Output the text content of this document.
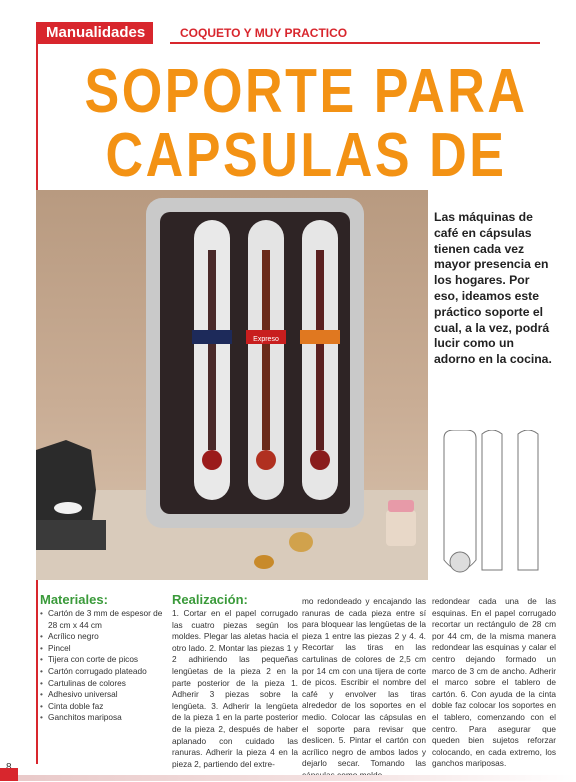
Manualidades	COQUETO Y MUY PRACTICO
SOPORTE PARA
CAPSULAS DE
Expreso
Las máquinas de café en cápsulas tienen cada vez mayor presencia en los hogares. Por eso, ideamos este práctico soporte el cual, a la vez, podrá lucir como un adorno en la cocina.
Materiales:
• Cartón de 3 mm de espesor de 28 cm x 44 cm
• Acrílico negro
• Pincel
• Tijera con corte de picos
• Cartón corrugado plateado
• Cartulinas de colores
• Adhesivo universal
• Cinta doble faz
• Ganchitos mariposa
Realización:
1. Cortar en el papel corrugado las cuatro piezas según los moldes. Plegar las aletas hacia el otro lado. 2. Montar las piezas 1 y 2 adhiriendo las pequeñas lengüetas de la pieza 2 en la parte posterior de la pieza 1. Adherir 3 piezas sobre la lengüeta. 3. Adherir la lengüeta de la pieza 1 en la parte posterior de la pieza 2, después de haber aplanado con cuidado las ranuras. Adherir la pieza 4 en la pieza 2, partiendo del extre-
mo redondeado y encajando las ranuras de cada pieza entre sí para bloquear las lengüetas de la pieza 1 entre las piezas 2 y 4. 4. Recortar las tiras en las cartulinas de colores de 2,5 cm por 14 cm con una tijera de corte de picos. Escribir el nombre del café y envolver las tiras alrededor de los soportes en el medio. Colocar las cápsulas en el soporte para revisar que deslicen. 5. Pintar el cartón con acrílico negro de ambos lados y dejarlo secar. Tomando las
redondear cada una de las esquinas. En el papel corrugado recortar un rectángulo de 28 cm por 44 cm, de la misma manera redondear las esquinas y calar el centro dejando formado un marco de 3 cm de ancho. Adherir el marco sobre el tablero de cartón. 6. Con ayuda de la cinta doble faz colocar los soportes en el tablero, comenzando con el centro. Para asegurar que queden bien sujetos reforzar colocando, en cada extremo, los ganchos mariposas.
